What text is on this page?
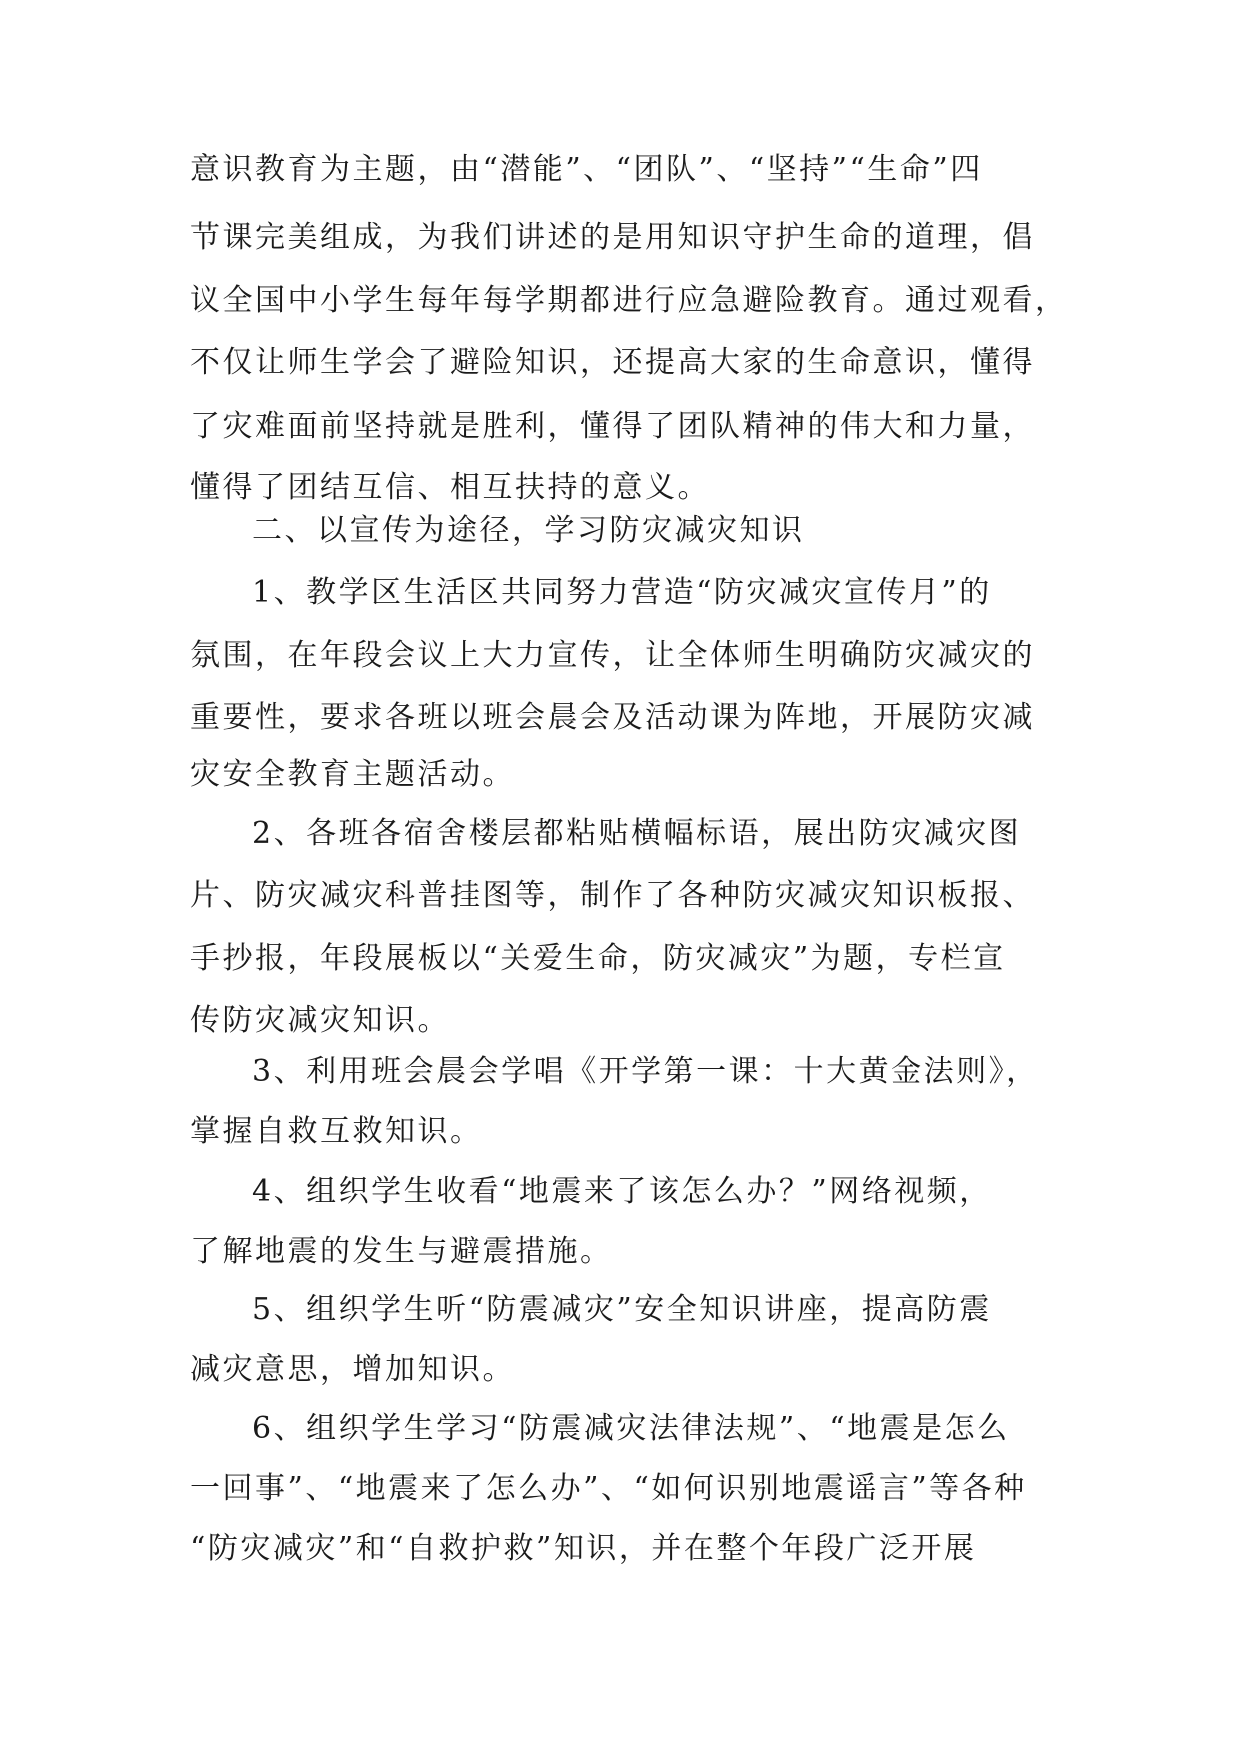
意识教育为主题，由“潜能”、“团队”、“坚持”“生命”四
节课完美组成，为我们讲述的是用知识守护生命的道理，倡
议全国中小学生每年每学期都进行应急避险教育。通过观看，
不仅让师生学会了避险知识，还提高大家的生命意识，懂得
了灾难面前坚持就是胜利，懂得了团队精神的伟大和力量，
懂得了团结互信、相互扶持的意义。
二、以宣传为途径，学习防灾减灾知识
1、教学区生活区共同努力营造“防灾减灾宣传月”的
氛围，在年段会议上大力宣传，让全体师生明确防灾减灾的
重要性，要求各班以班会晨会及活动课为阵地，开展防灾减
灾安全教育主题活动。
2、各班各宿舍楼层都粘贴横幅标语，展出防灾减灾图
片、防灾减灾科普挂图等，制作了各种防灾减灾知识板报、
手抄报，年段展板以“关爱生命，防灾减灾”为题，专栏宣
传防灾减灾知识。
3、利用班会晨会学唱《开学第一课：十大黄金法则》，
掌握自救互救知识。
4、组织学生收看“地震来了该怎么办？”网络视频，
了解地震的发生与避震措施。
5、组织学生听“防震减灾”安全知识讲座，提高防震
减灾意思，增加知识。
6、组织学生学习“防震减灾法律法规”、“地震是怎么
一回事”、“地震来了怎么办”、“如何识别地震谣言”等各种
“防灾减灾”和“自救护救”知识，并在整个年段广泛开展
